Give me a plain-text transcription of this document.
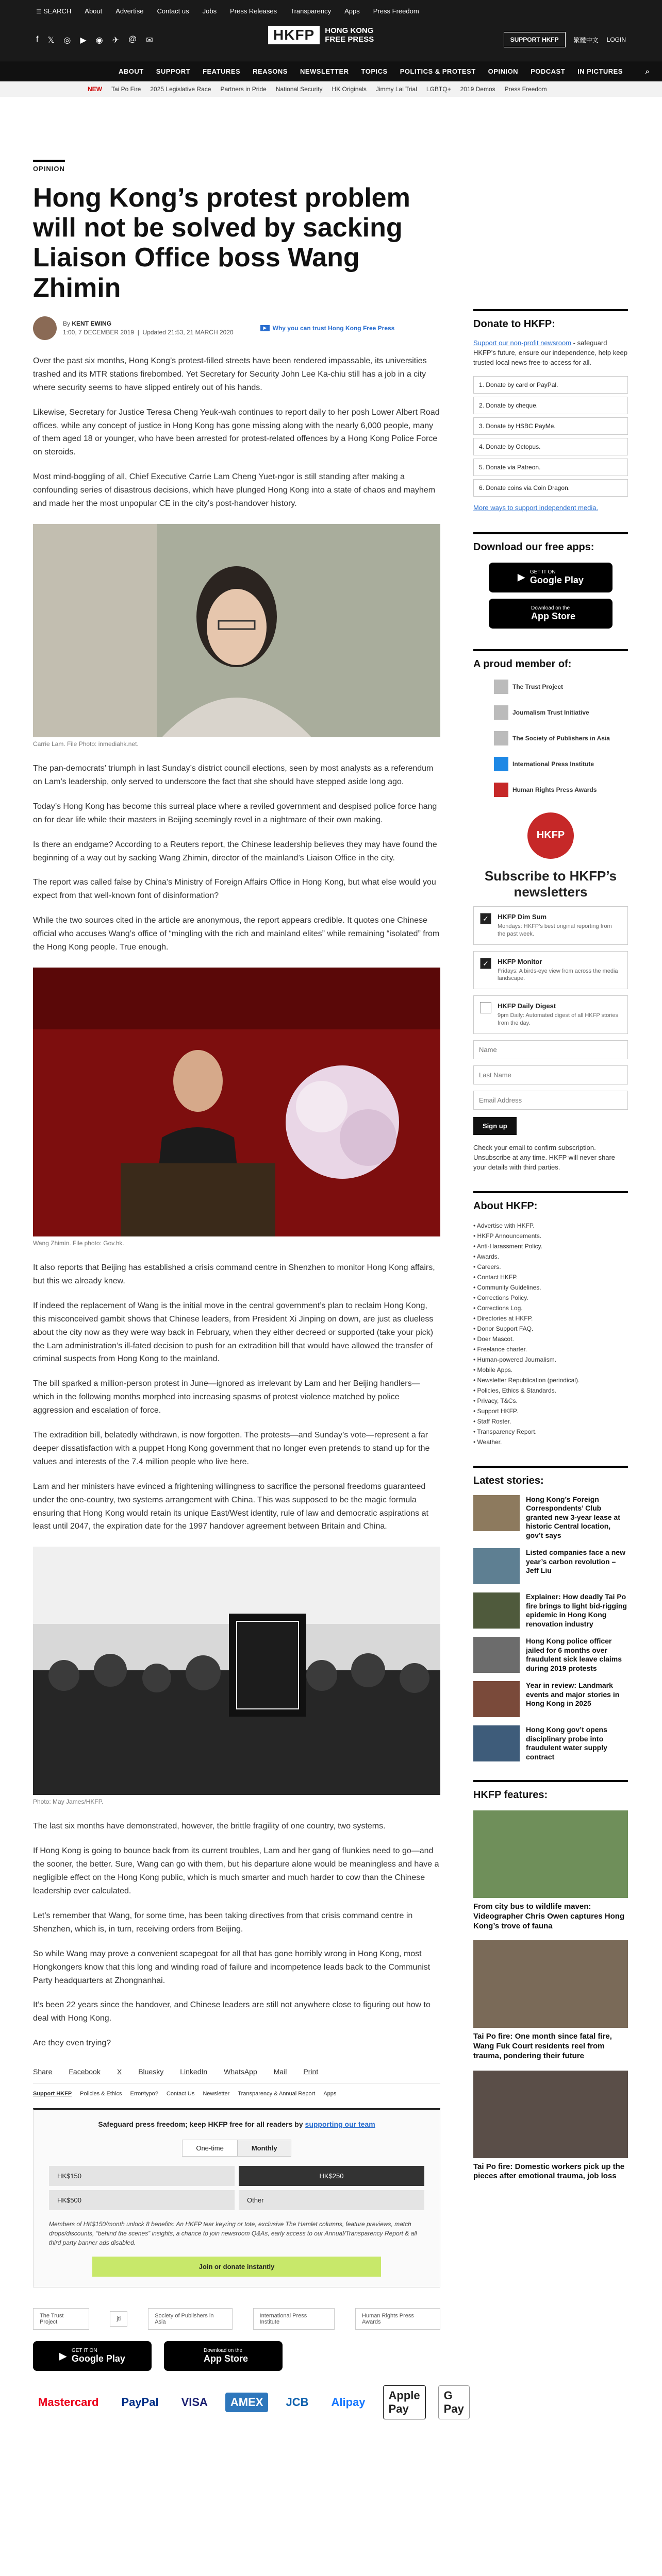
☰ SEARCH About Advertise Contact us Jobs Press Releases Transparency Apps Press Freedom
f 𝕏 ◎ ▶ ◉ ✈ @ ✉	HKFP	HONG KONG
FREE PRESS	SUPPORT HKFP	繁體中文 LOGIN
ABOUT SUPPORT FEATURES REASONS NEWSLETTER TOPICS POLITICS & PROTEST OPINION PODCAST IN PICTURES	⌕
NEW Tai Po Fire 2025 Legislative Race Partners in Pride National Security HK Originals Jimmy Lai Trial LGBTQ+ 2019 Demos Press Freedom
OPINION
Hong Kong’s protest problem will not be solved by sacking Liaison Office boss Wang Zhimin
By KENT EWING
1:00, 7 DECEMBER 2019  |  Updated 21:53, 21 MARCH 2020
▶ Why you can trust Hong Kong Free Press

Over the past six months, Hong Kong’s protest-filled streets have been rendered impassable, its universities trashed and its MTR stations firebombed. Yet Secretary for Security John Lee Ka-chiu still has a job in a city where security seems to have slipped entirely out of his hands.

Likewise, Secretary for Justice Teresa Cheng Yeuk-wah continues to report daily to her posh Lower Albert Road offices, while any concept of justice in Hong Kong has gone missing along with the nearly 6,000 people, many of them aged 18 or younger, who have been arrested for protest-related offences by a Hong Kong Police Force on steroids.

Most mind-boggling of all, Chief Executive Carrie Lam Cheng Yuet-ngor is still standing after making a confounding series of disastrous decisions, which have plunged Hong Kong into a state of chaos and mayhem and made her the most unpopular CE in the city’s post-handover history.

Carrie Lam. File Photo: inmediahk.net.

The pan-democrats’ triumph in last Sunday’s district council elections, seen by most analysts as a referendum on Lam’s leadership, only served to underscore the fact that she should have stepped aside long ago.

Today’s Hong Kong has become this surreal place where a reviled government and despised police force hang on for dear life while their masters in Beijing seemingly revel in a nightmare of their own making.

Is there an endgame? According to a Reuters report, the Chinese leadership believes they may have found the beginning of a way out by sacking Wang Zhimin, director of the mainland’s Liaison Office in the city.

The report was called false by China’s Ministry of Foreign Affairs Office in Hong Kong, but what else would you expect from that well-known font of disinformation?

While the two sources cited in the article are anonymous, the report appears credible. It quotes one Chinese official who accuses Wang’s office of “mingling with the rich and mainland elites” while remaining “isolated” from the Hong Kong people. True enough.

Wang Zhimin. File photo: Gov.hk.

It also reports that Beijing has established a crisis command centre in Shenzhen to monitor Hong Kong affairs, but this we already knew.

If indeed the replacement of Wang is the initial move in the central government’s plan to reclaim Hong Kong, this misconceived gambit shows that Chinese leaders, from President Xi Jinping on down, are just as clueless about the city now as they were way back in February, when they either decreed or supported (take your pick) the Lam administration’s ill-fated decision to push for an extradition bill that would have allowed the transfer of criminal suspects from Hong Kong to the mainland.

The bill sparked a million-person protest in June—ignored as irrelevant by Lam and her Beijing handlers—which in the following months morphed into increasing spasms of protest violence matched by police aggression and escalation of force.

The extradition bill, belatedly withdrawn, is now forgotten. The protests—and Sunday’s vote—represent a far deeper dissatisfaction with a puppet Hong Kong government that no longer even pretends to stand up for the values and interests of the 7.4 million people who live here.

Lam and her ministers have evinced a frightening willingness to sacrifice the personal freedoms guaranteed under the one-country, two systems arrangement with China. This was supposed to be the magic formula ensuring that Hong Kong would retain its unique East/West identity, rule of law and democratic aspirations at least until 2047, the expiration date for the 1997 handover agreement between Britain and China.

Photo: May James/HKFP.

The last six months have demonstrated, however, the brittle fragility of one country, two systems.

If Hong Kong is going to bounce back from its current troubles, Lam and her gang of flunkies need to go—and the sooner, the better. Sure, Wang can go with them, but his departure alone would be meaningless and have a negligible effect on the Hong Kong public, which is much smarter and much harder to cow than the Chinese leadership ever calculated.

Let’s remember that Wang, for some time, has been taking directives from that crisis command centre in Shenzhen, which is, in turn, receiving orders from Beijing.

So while Wang may prove a convenient scapegoat for all that has gone horribly wrong in Hong Kong, most Hongkongers know that this long and winding road of failure and incompetence leads back to the Communist Party headquarters at Zhongnanhai.

It’s been 22 years since the handover, and Chinese leaders are still not anywhere close to figuring out how to deal with Hong Kong.

Are they even trying?

Share Facebook X Bluesky LinkedIn WhatsApp Mail Print
Support HKFP Policies & Ethics Error/typo? Contact Us Newsletter Transparency & Annual Report Apps
Safeguard press freedom; keep HKFP free for all readers by supporting our team
One-time	Monthly
HK$150	HK$250
HK$500	Other

Members of HK$150/month unlock 8 benefits: An HKFP tear keyring or tote, exclusive The Hamlet columns, feature previews, match drops/discounts, “behind the scenes” insights, a chance to join newsroom Q&As, early access to our Annual/Transparency Report & all third party banner ads disabled.

Join or donate instantly
The Trust Project	jti	Society of Publishers in Asia
International Press Institute
Human Rights Press Awards
▶ GET IT ON
Google Play
Download on the
App Store
Mastercard	PayPal	VISA	AMEX	JCB	Alipay
Apple Pay
G Pay
Donate to HKFP:

Support our non-profit newsroom - safeguard HKFP’s future, ensure our independence, help keep trusted local news free-to-access for all.

1. Donate by card or PayPal.
2. Donate by cheque.
3. Donate by HSBC PayMe.
4. Donate by Octopus.
5. Donate via Patreon.
6. Donate coins via Coin Dragon.
More ways to support independent media.
Download our free apps:
▶ GET IT ON
Google Play
Download on the
App Store
A proud member of:
The Trust Project
Journalism Trust Initiative
The Society of Publishers in Asia
International Press Institute
Human Rights Press Awards
HKFP
Subscribe to HKFP’s newsletters
✓	HKFP Dim Sum
Mondays: HKFP’s best original reporting from the past week.
✓	HKFP Monitor
Fridays: A birds-eye view from across the media landscape.
HKFP Daily Digest
9pm Daily: Automated digest of all HKFP stories from the day.
Name Last Name Email Address Sign up

Check your email to confirm subscription. Unsubscribe at any time. HKFP will never share your details with third parties.

About HKFP:
• Advertise with HKFP.
• HKFP Announcements.
• Anti-Harassment Policy.
• Awards.
• Careers.
• Contact HKFP.
• Community Guidelines.
• Corrections Policy.
• Corrections Log.
• Directories at HKFP.
• Donor Support FAQ.
• Doer Mascot.
• Freelance charter.
• Human-powered Journalism.
• Mobile Apps.
• Newsletter Republication (periodical).
• Policies, Ethics & Standards.
• Privacy, T&Cs.
• Support HKFP.
• Staff Roster.
• Transparency Report.
• Weather.
Latest stories:
Hong Kong’s Foreign Correspondents’ Club granted new 3-year lease at historic Central location, gov’t says
Listed companies face a new year’s carbon revolution – Jeff Liu
Explainer: How deadly Tai Po fire brings to light bid-rigging epidemic in Hong Kong renovation industry
Hong Kong police officer jailed for 6 months over fraudulent sick leave claims during 2019 protests
Year in review: Landmark events and major stories in Hong Kong in 2025
Hong Kong gov’t opens disciplinary probe into fraudulent water supply contract
HKFP features:
From city bus to wildlife maven: Videographer Chris Owen captures Hong Kong’s trove of fauna
Tai Po fire: One month since fatal fire, Wang Fuk Court residents reel from trauma, pondering their future
Tai Po fire: Domestic workers pick up the pieces after emotional trauma, job loss
